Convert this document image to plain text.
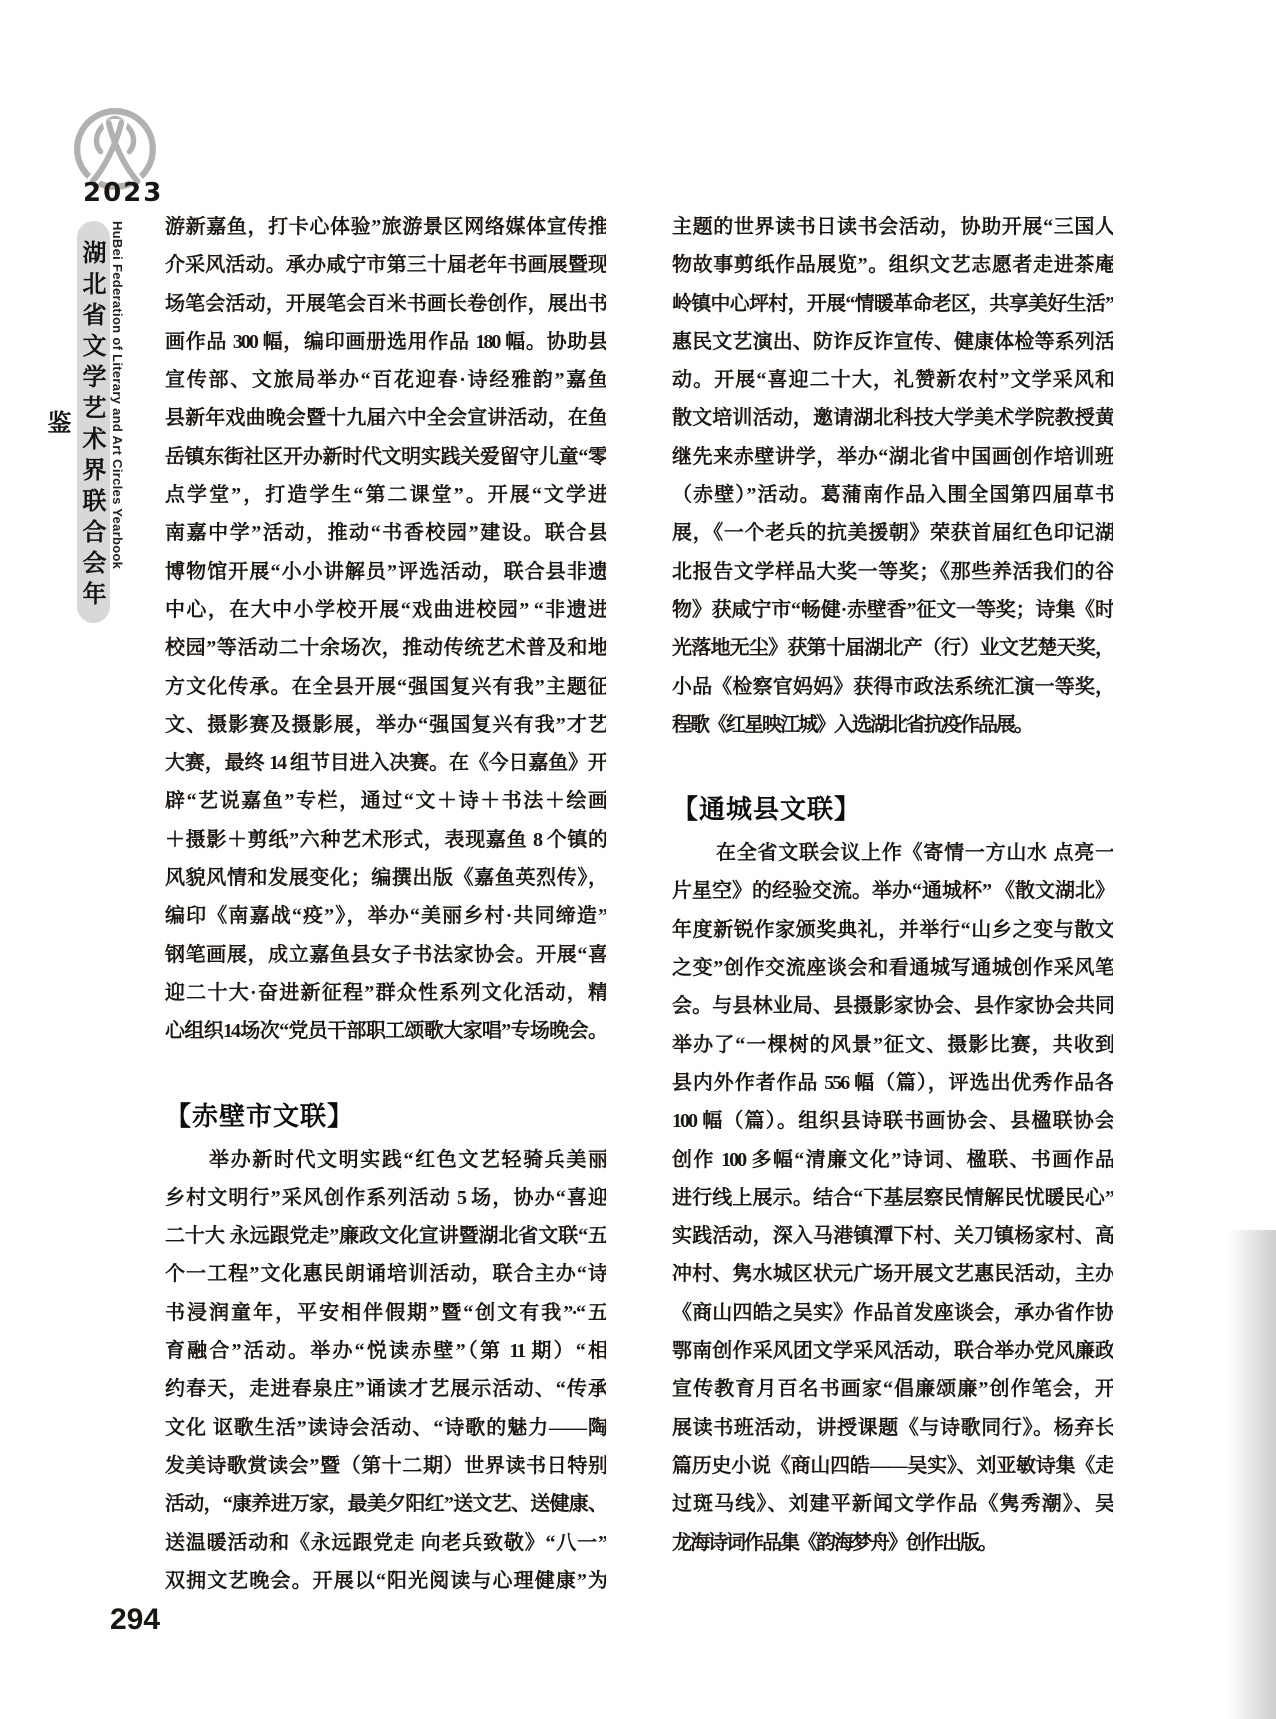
2023
湖北省文学艺术界联合会年鉴	HuBei Federation of Literary and Art Circles Yearbook 游新嘉鱼，打卡心体验”旅游景区网络媒体宣传推
介采风活动。承办咸宁市第三十届老年书画展暨现
场笔会活动，开展笔会百米书画长卷创作，展出书
画作品 300 幅，编印画册选用作品 180 幅。协助县
宣传部、文旅局举办“百花迎春·诗经雅韵”嘉鱼
县新年戏曲晚会暨十九届六中全会宣讲活动，在鱼
岳镇东街社区开办新时代文明实践关爱留守儿童“零
点学堂”，打造学生“第二课堂”。开展“文学进
南嘉中学”活动，推动“书香校园”建设。联合县
博物馆开展“小小讲解员”评选活动，联合县非遗
中心，在大中小学校开展“戏曲进校园” “非遗进
校园”等活动二十余场次，推动传统艺术普及和地
方文化传承。在全县开展“强国复兴有我”主题征
文、摄影赛及摄影展，举办“强国复兴有我”才艺
大赛，最终 14 组节目进入决赛。在《今日嘉鱼》开
辟“艺说嘉鱼”专栏，通过“文＋诗＋书法＋绘画
＋摄影＋剪纸”六种艺术形式，表现嘉鱼 8 个镇的
风貌风情和发展变化；编撰出版《嘉鱼英烈传》，
编印《南嘉战“疫”》，举办“美丽乡村·共同缔造”
钢笔画展，成立嘉鱼县女子书法家协会。开展“喜
迎二十大·奋进新征程”群众性系列文化活动，精
心组织14场次“党员干部职工颂歌大家唱”专场晚会。
【赤壁市文联】
举办新时代文明实践“红色文艺轻骑兵美丽
乡村文明行”采风创作系列活动 5 场，协办“喜迎
二十大 永远跟党走”廉政文化宣讲暨湖北省文联“五
个一工程”文化惠民朗诵培训活动，联合主办“诗
书浸润童年，平安相伴假期”暨“创文有我”·“五
育融合”活动。举办“悦读赤壁”（第 11 期）“相
约春天，走进春泉庄”诵读才艺展示活动、“传承
文化 讴歌生活”读诗会活动、“诗歌的魅力——陶
发美诗歌赏读会”暨（第十二期）世界读书日特别
活动，“康养进万家，最美夕阳红”送文艺、送健康、
送温暖活动和《永远跟党走 向老兵致敬》“八一”
双拥文艺晚会。开展以“阳光阅读与心理健康”为
主题的世界读书日读书会活动，协助开展“三国人
物故事剪纸作品展览”。组织文艺志愿者走进茶庵
岭镇中心坪村，开展“情暖革命老区，共享美好生活”
惠民文艺演出、防诈反诈宣传、健康体检等系列活
动。开展“喜迎二十大，礼赞新农村”文学采风和
散文培训活动，邀请湖北科技大学美术学院教授黄
继先来赤壁讲学，举办“湖北省中国画创作培训班
（赤壁）”活动。葛蒲南作品入围全国第四届草书
展，《一个老兵的抗美援朝》荣获首届红色印记湖
北报告文学样品大奖一等奖；《那些养活我们的谷
物》获咸宁市“畅健·赤壁香”征文一等奖；诗集《时
光落地无尘》获第十届湖北产（行）业文艺楚天奖，
小品《检察官妈妈》获得市政法系统汇演一等奖，
程歌《红星映江城》入选湖北省抗疫作品展。
【通城县文联】
在全省文联会议上作《寄情一方山水 点亮一
片星空》的经验交流。举办“通城杯” 《散文湖北》
年度新锐作家颁奖典礼，并举行“山乡之变与散文
之变”创作交流座谈会和看通城写通城创作采风笔
会。与县林业局、县摄影家协会、县作家协会共同
举办了“一棵树的风景”征文、摄影比赛，共收到
县内外作者作品 556 幅（篇），评选出优秀作品各
100 幅（篇）。组织县诗联书画协会、县楹联协会
创作 100 多幅“清廉文化”诗词、楹联、书画作品
进行线上展示。结合“下基层察民情解民忧暖民心”
实践活动，深入马港镇潭下村、关刀镇杨家村、高
冲村、隽水城区状元广场开展文艺惠民活动，主办
《商山四皓之吴实》作品首发座谈会，承办省作协
鄂南创作采风团文学采风活动，联合举办党风廉政
宣传教育月百名书画家“倡廉颂廉”创作笔会，开
展读书班活动，讲授课题《与诗歌同行》。杨弃长
篇历史小说《商山四皓——吴实》、刘亚敏诗集《走
过斑马线》、刘建平新闻文学作品《隽秀潮》、吴
龙海诗词作品集《韵海梦舟》创作出版。
294
